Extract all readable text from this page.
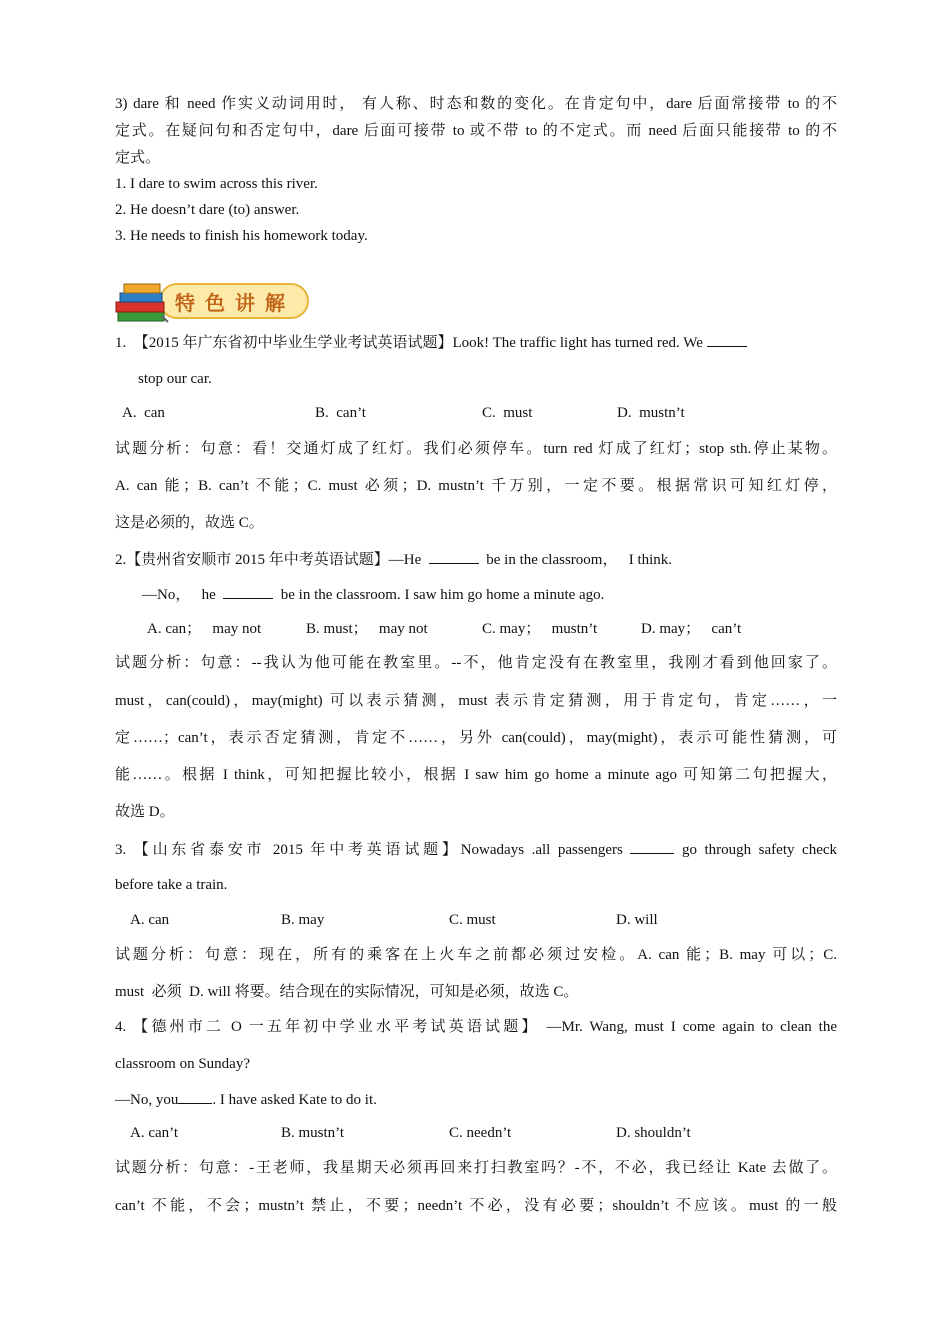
3) dare 和 need 作实义动词用时， 有人称、时态和数的变化。在肯定句中，dare 后面常接带 to 的不
定式。在疑问句和否定句中，dare 后面可接带 to 或不带 to 的不定式。而 need 后面只能接带 to 的不
定式。
1. I dare to swim across this river.
2. He doesn’t dare (to) answer.
3. He needs to finish his homework today.
特色讲解
1.  【2015 年广东省初中毕业生学业考试英语试题】Look! The traffic light has turned red. We
stop our car.
A.  can	B.  can’t	C.  must	D.  mustn’t
试题分析：句意：看！交通灯成了红灯。我们必须停车。turn red 灯成了红灯；stop sth.停止某物。
A. can 能；B. can’t 不能；C. must 必须；D. mustn’t 千万别，一定不要。根据常识可知红灯停，
这是必须的，故选 C。
2.【贵州省安顺市 2015 年中考英语试题】—He	be in the classroom，   I think.
—No，   he	be in the classroom. I saw him go home a minute ago.
A. can；   may not	B. must；   may not	C. may；   mustn’t	D. may；   can’t
试题分析：句意：--我认为他可能在教室里。--不，他肯定没有在教室里，我刚才看到他回家了。
must，can(could)，may(might) 可以表示猜测，must 表示肯定猜测，用于肯定句，肯定……，一
定……；can’t，表示否定猜测，肯定不……，另外 can(could)，may(might)，表示可能性猜测，可
能……。根据 I think，可知把握比较小，根据 I saw him go home a minute ago 可知第二句把握大，
故选 D。
3. 【山东省泰安市 2015 年中考英语试题】Nowadays .all passengers	go through safety check
before take a train.
A. can	B. may	C. must	D. will
试题分析：句意：现在，所有的乘客在上火车之前都必须过安检。A. can 能；B. may 可以；C.
must  必须  D. will 将要。结合现在的实际情况，可知是必须，故选 C。
4. 【德州市二 O 一五年初中学业水平考试英语试题】 —Mr. Wang, must I come again to clean the
classroom on Sunday?
—No, you . I have asked Kate to do it.
A. can’t	B. mustn’t	C. needn’t	D. shouldn’t
试题分析：句意：-王老师，我星期天必须再回来打扫教室吗？-不，不必，我已经让 Kate 去做了。
can’t 不能，不会；mustn’t 禁止，不要；needn’t 不必，没有必要；shouldn’t 不应该。must 的一般
